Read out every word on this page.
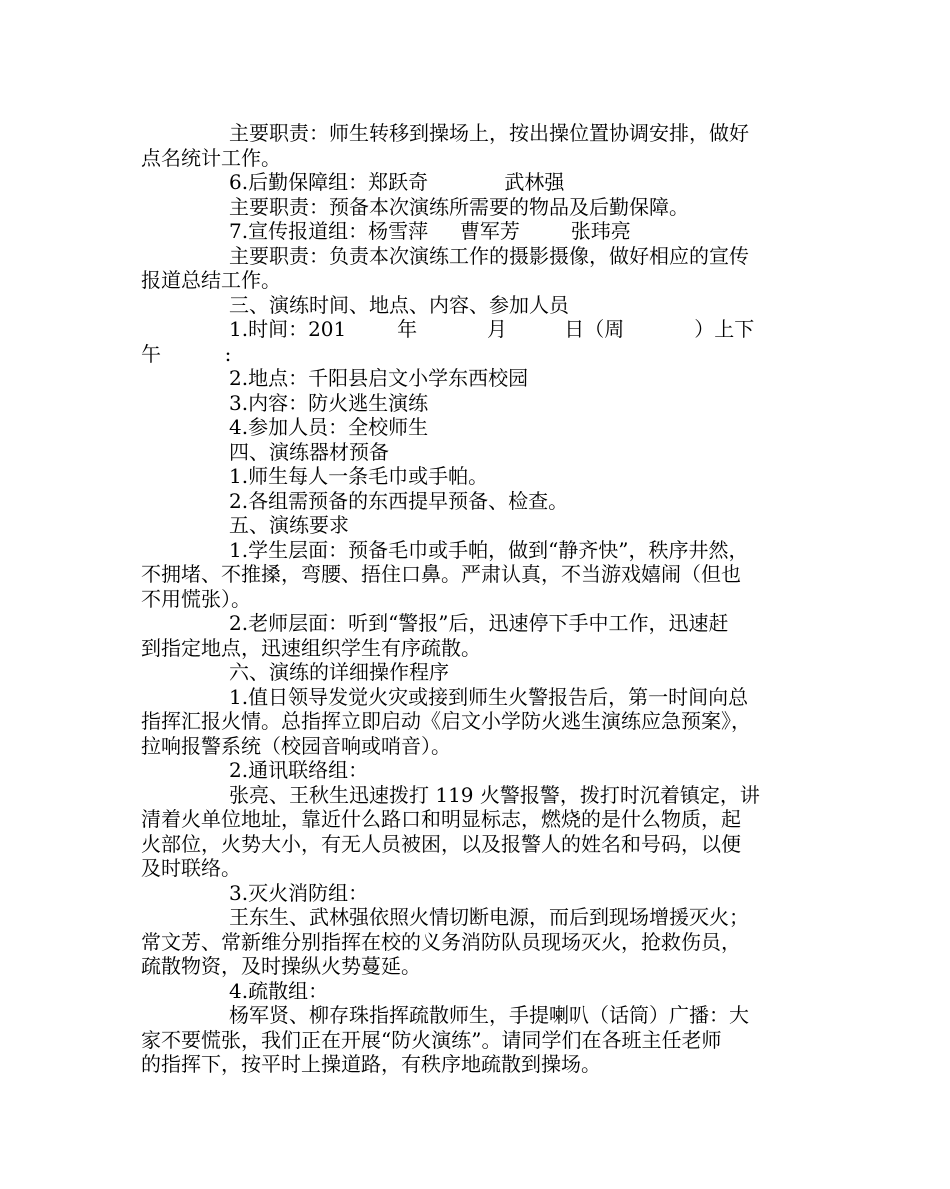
主要职责：师生转移到操场上，按出操位置协调安排，做好
点名统计工作。
6.后勤保障组：郑跃奇            武林强
主要职责：预备本次演练所需要的物品及后勤保障。
7.宣传报道组：杨雪萍     曹军芳        张玮亮
主要职责：负责本次演练工作的摄影摄像，做好相应的宣传
报道总结工作。
三、演练时间、地点、内容、参加人员
1.时间：201        年           月         日（周           ）上下
午          :
2.地点：千阳县启文小学东西校园
3.内容：防火逃生演练
4.参加人员：全校师生
四、演练器材预备
1.师生每人一条毛巾或手帕。
2.各组需预备的东西提早预备、检查。
五、演练要求
1.学生层面：预备毛巾或手帕，做到“静齐快”，秩序井然，
不拥堵、不推搡，弯腰、捂住口鼻。严肃认真，不当游戏嬉闹（但也
不用慌张）。
2.老师层面：听到“警报”后，迅速停下手中工作，迅速赶
到指定地点，迅速组织学生有序疏散。
六、演练的详细操作程序
1.值日领导发觉火灾或接到师生火警报告后，第一时间向总
指挥汇报火情。总指挥立即启动《启文小学防火逃生演练应急预案》，
拉响报警系统（校园音响或哨音）。
2.通讯联络组：
张亮、王秋生迅速拨打 119 火警报警，拨打时沉着镇定，讲
清着火单位地址，靠近什么路口和明显标志，燃烧的是什么物质，起
火部位，火势大小，有无人员被困，以及报警人的姓名和号码，以便
及时联络。
3.灭火消防组：
王东生、武林强依照火情切断电源，而后到现场增援灭火；
常文芳、常新维分别指挥在校的义务消防队员现场灭火，抢救伤员，
疏散物资，及时操纵火势蔓延。
4.疏散组：
杨军贤、柳存珠指挥疏散师生，手提喇叭（话筒）广播：大
家不要慌张，我们正在开展“防火演练”。请同学们在各班主任老师
的指挥下，按平时上操道路，有秩序地疏散到操场。
